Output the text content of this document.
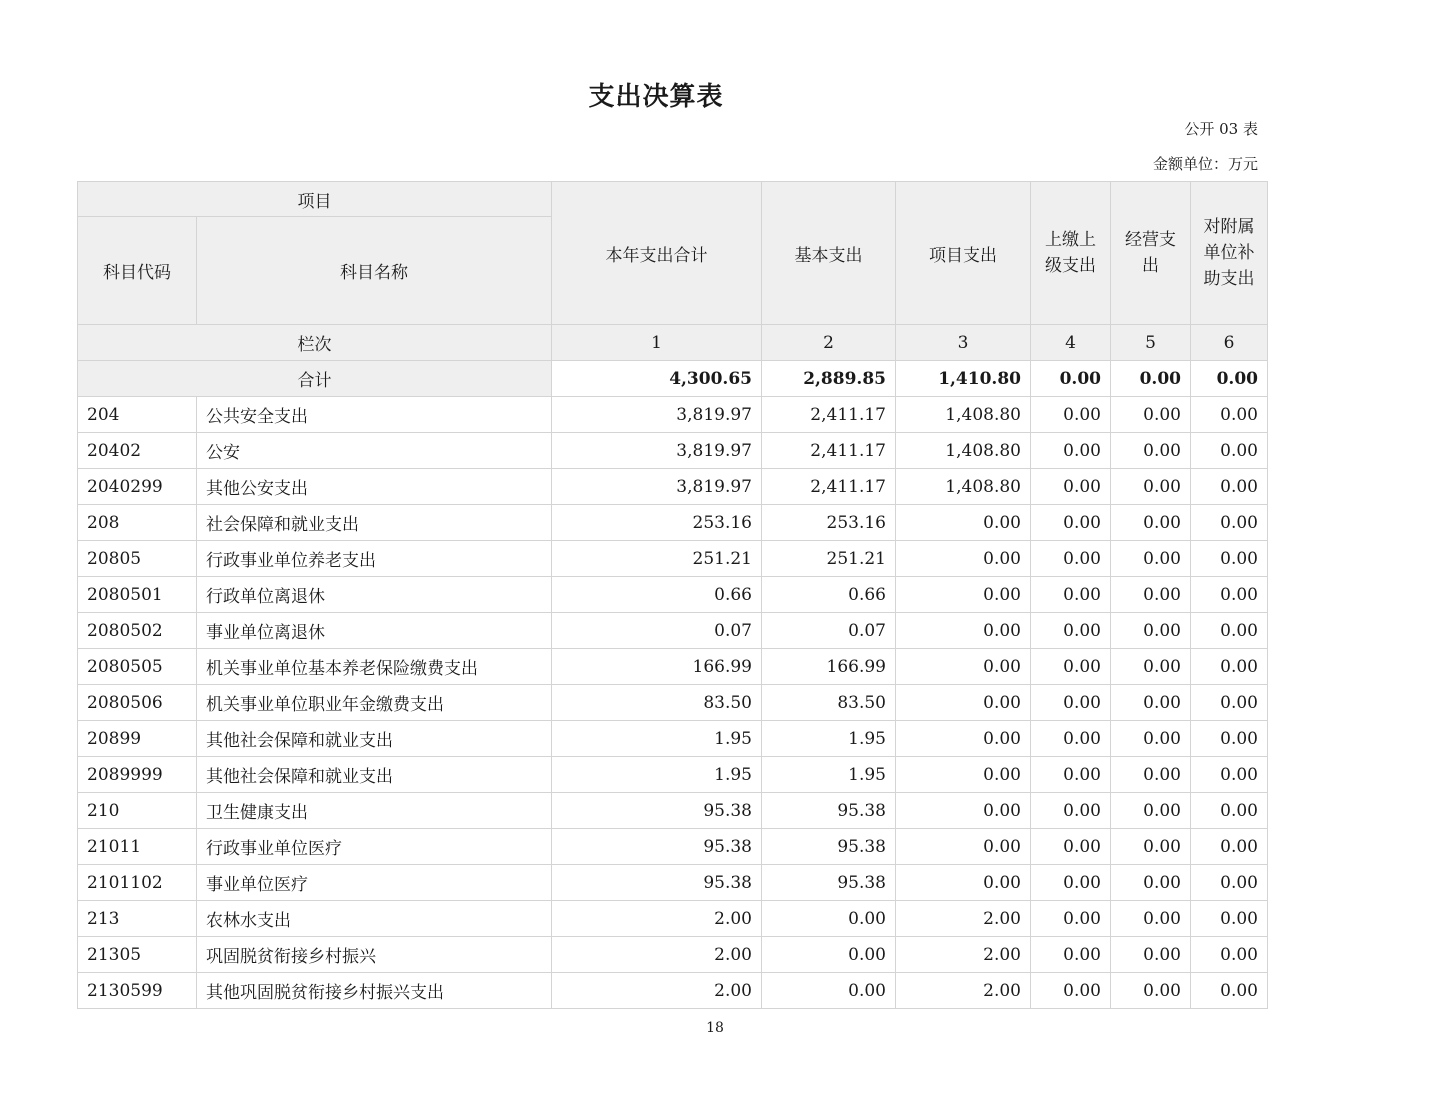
支出决算表
公开 03 表
金额单位：万元
项目		本年支出合计	基本支出	项目支出	上缴上级支出	经营支出	对附属单位补助支出
科目代码	科目名称						
栏次		1	2	3	4	5	6
合计		4,300.65	2,889.85	1,410.80	0.00	0.00	0.00
204	公共安全支出	3,819.97	2,411.17	1,408.80	0.00	0.00	0.00
20402	公安	3,819.97	2,411.17	1,408.80	0.00	0.00	0.00
2040299	其他公安支出	3,819.97	2,411.17	1,408.80	0.00	0.00	0.00
208	社会保障和就业支出	253.16	253.16	0.00	0.00	0.00	0.00
20805	行政事业单位养老支出	251.21	251.21	0.00	0.00	0.00	0.00
2080501	行政单位离退休	0.66	0.66	0.00	0.00	0.00	0.00
2080502	事业单位离退休	0.07	0.07	0.00	0.00	0.00	0.00
2080505	机关事业单位基本养老保险缴费支出	166.99	166.99	0.00	0.00	0.00	0.00
2080506	机关事业单位职业年金缴费支出	83.50	83.50	0.00	0.00	0.00	0.00
20899	其他社会保障和就业支出	1.95	1.95	0.00	0.00	0.00	0.00
2089999	其他社会保障和就业支出	1.95	1.95	0.00	0.00	0.00	0.00
210	卫生健康支出	95.38	95.38	0.00	0.00	0.00	0.00
21011	行政事业单位医疗	95.38	95.38	0.00	0.00	0.00	0.00
2101102	事业单位医疗	95.38	95.38	0.00	0.00	0.00	0.00
213	农林水支出	2.00	0.00	2.00	0.00	0.00	0.00
21305	巩固脱贫衔接乡村振兴	2.00	0.00	2.00	0.00	0.00	0.00
2130599	其他巩固脱贫衔接乡村振兴支出	2.00	0.00	2.00	0.00	0.00	0.00
18
